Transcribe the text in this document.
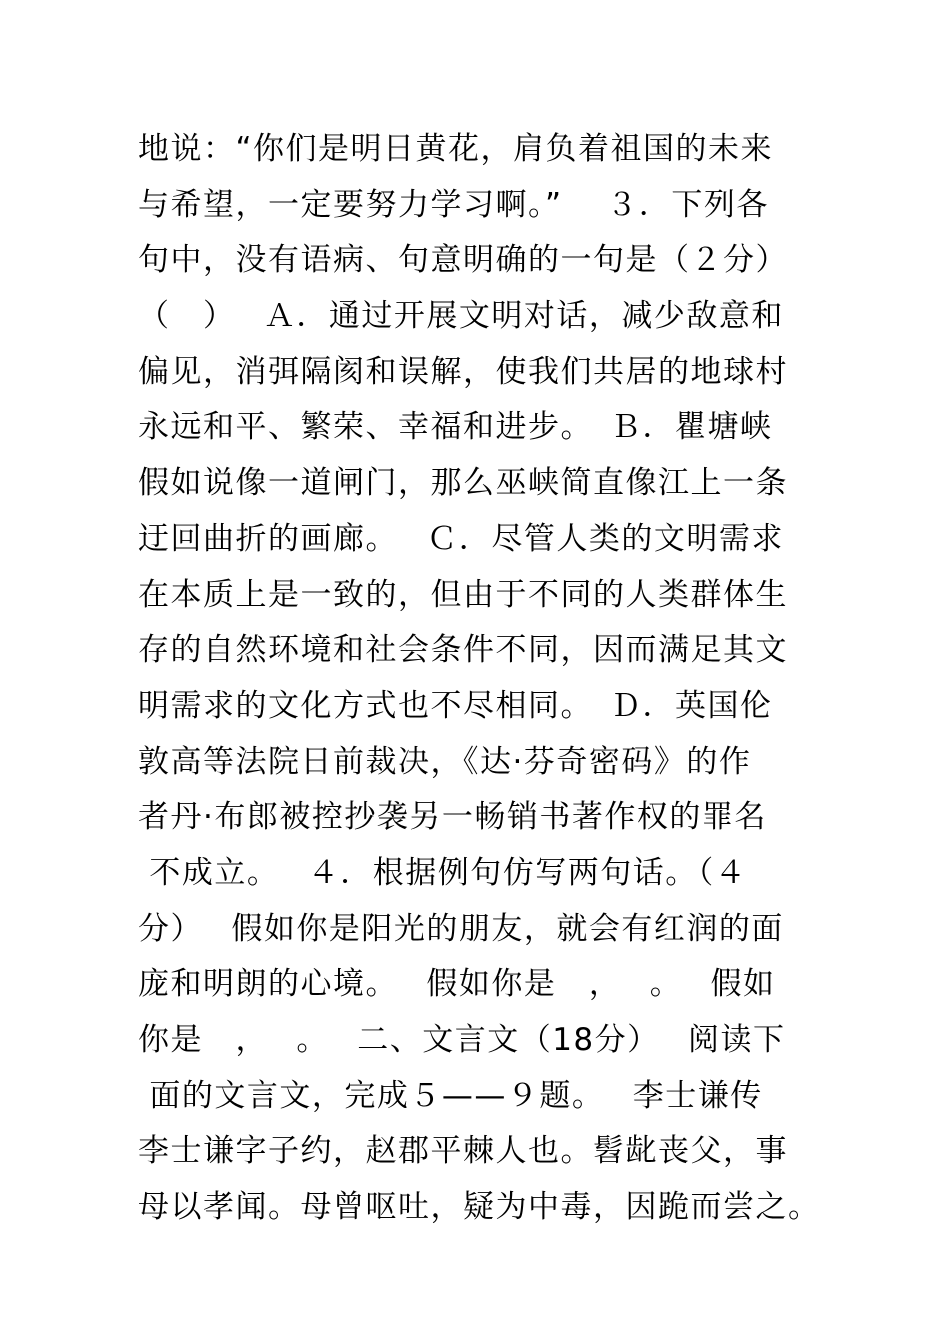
地说：“你们是明日黄花，肩负着祖国的未来
与希望，一定要努力学习啊。”　 ３．下列各
句中，没有语病、句意明确的一句是（２分）
（　）　 Ａ．通过开展文明对话，减少敌意和
偏见，消弭隔阂和误解，使我们共居的地球村
永远和平、繁荣、幸福和进步。　Ｂ．瞿塘峡
假如说像一道闸门，那么巫峡简直像江上一条
迂回曲折的画廊。　 Ｃ．尽管人类的文明需求
在本质上是一致的，但由于不同的人类群体生
存的自然环境和社会条件不同，因而满足其文
明需求的文化方式也不尽相同。　Ｄ．英国伦
敦高等法院日前裁决，《达·芬奇密码》的作
者丹·布郎被控抄袭另一畅销书著作权的罪名
不成立。　 ４．根据例句仿写两句话。（４
分）　 假如你是阳光的朋友，就会有红润的面
庞和明朗的心境。　 假如你是　，　 。　 假如
你是　，　 。　 二、文言文（18分）　 阅读下
面的文言文，完成５——９题。　 李士谦传
李士谦字子约，赵郡平棘人也。髫龀丧父，事
母以孝闻。母曾呕吐，疑为中毒，因跪而尝之。
